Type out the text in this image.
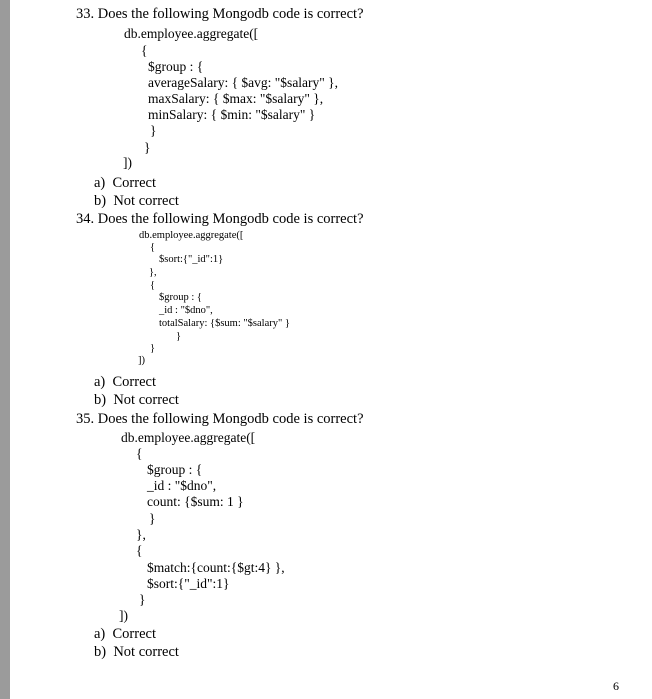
33. Does the following Mongodb code is correct?
db.employee.aggregate([
{
$group : {
averageSalary: { $avg: "$salary" },
maxSalary: { $max: "$salary" },
minSalary: { $min: "$salary" }
}
}
])
a)  Correct
b)  Not correct
34. Does the following Mongodb code is correct?
db.employee.aggregate([
{
$sort:{"_id":1}
},
{
$group : {
_id : "$dno",
totalSalary: {$sum: "$salary" }
}
}
])
a)  Correct
b)  Not correct
35. Does the following Mongodb code is correct?
db.employee.aggregate([
{
$group : {
_id : "$dno",
count: {$sum: 1 }
}
},
{
$match:{count:{$gt:4} },
$sort:{"_id":1}
}
])
a)  Correct
b)  Not correct
6
